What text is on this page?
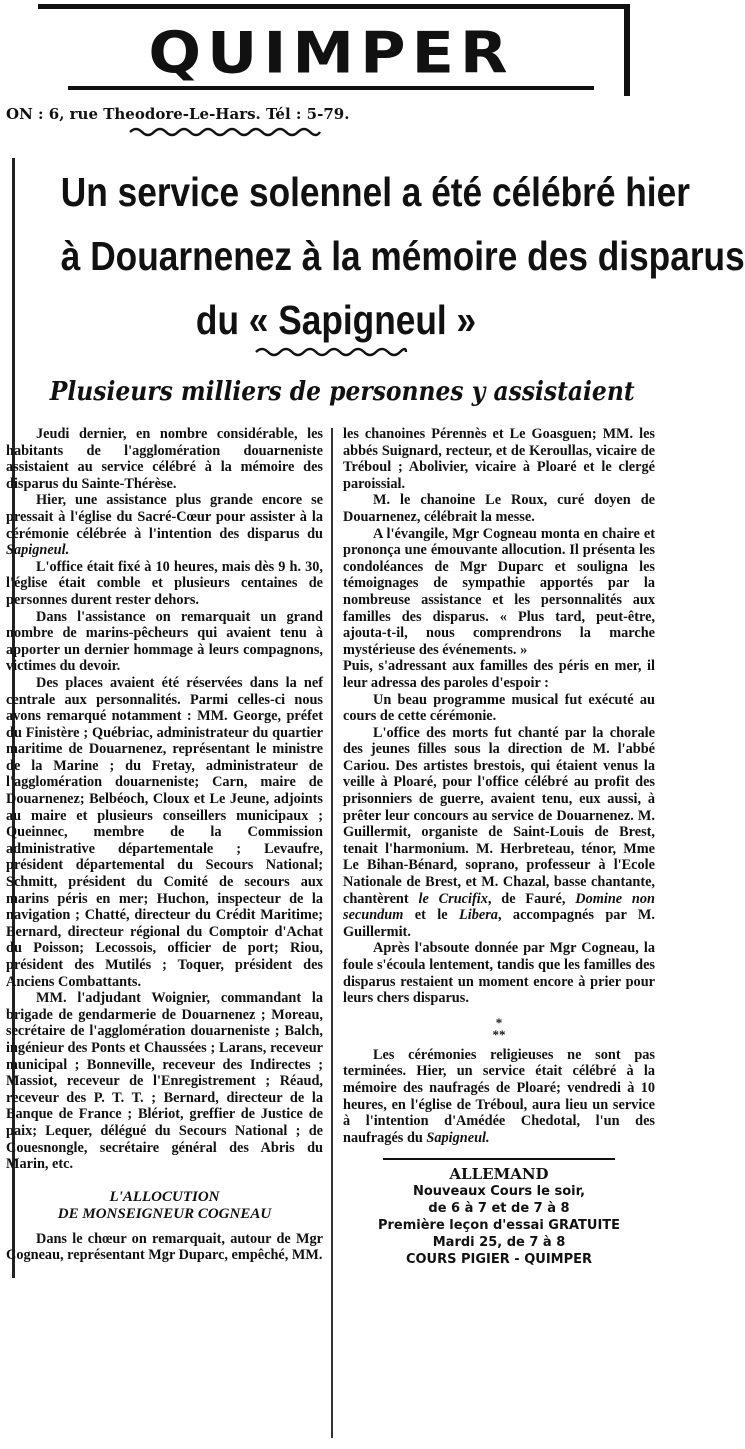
QUIMPER
ON : 6, rue Theodore-Le-Hars. Tél : 5-79.
Un service solennel a été célébré hier
à Douarnenez à la mémoire des disparus
du « Sapigneul »
Plusieurs milliers de personnes y assistaient

Jeudi dernier, en nombre considérable, les habitants de l'agglomération douarneniste assistaient au service célébré à la mémoire des disparus du Sainte-Thérèse.

Hier, une assistance plus grande encore se pressait à l'église du Sacré-Cœur pour assister à la cérémonie célébrée à l'intention des disparus du Sapigneul.

L'office était fixé à 10 heures, mais dès 9 h. 30, l'église était comble et plusieurs centaines de personnes durent rester dehors.

Dans l'assistance on remarquait un grand nombre de marins-pêcheurs qui avaient tenu à apporter un dernier hommage à leurs compagnons, victimes du devoir.

Des places avaient été réservées dans la nef centrale aux personnalités. Parmi celles-ci nous avons remarqué notamment : MM. George, préfet du Finistère ; Québriac, administrateur du quartier maritime de Douarnenez, représentant le ministre de la Marine ; du Fretay, administrateur de l'agglomération douarneniste; Carn, maire de Douarnenez; Belbéoch, Cloux et Le Jeune, adjoints au maire et plusieurs conseillers municipaux ; Queinnec, membre de la Commission administrative départementale ; Levaufre, président départemental du Secours National; Schmitt, président du Comité de secours aux marins péris en mer; Huchon, inspecteur de la navigation ; Chatté, directeur du Crédit Maritime; Bernard, directeur régional du Comptoir d'Achat du Poisson; Lecossois, officier de port; Riou, président des Mutilés ; Toquer, président des Anciens Combattants.

MM. l'adjudant Woignier, commandant la brigade de gendarmerie de Douarnenez ; Moreau, secrétaire de l'agglomération douarneniste ; Balch, ingénieur des Ponts et Chaussées ; Larans, receveur municipal ; Bonneville, receveur des Indirectes ; Massiot, receveur de l'Enregistrement ; Réaud, receveur des P. T. T. ; Bernard, directeur de la Banque de France ; Blériot, greffier de Justice de paix; Lequer, délégué du Secours National ; de Couesnongle, secrétaire général des Abris du Marin, etc.

L'ALLOCUTION
DE MONSEIGNEUR COGNEAU

Dans le chœur on remarquait, autour de Mgr Cogneau, représentant Mgr Duparc, empêché, MM.

les chanoines Pérennès et Le Goasguen; MM. les abbés Suignard, recteur, et de Keroullas, vicaire de Tréboul ; Abolivier, vicaire à Ploaré et le clergé paroissial.

M. le chanoine Le Roux, curé doyen de Douarnenez, célébrait la messe.

A l'évangile, Mgr Cogneau monta en chaire et prononça une émouvante allocution. Il présenta les condoléances de Mgr Duparc et souligna les témoignages de sympathie apportés par la nombreuse assistance et les personnalités aux familles des disparus. « Plus tard, peut-être, ajouta-t-il, nous comprendrons la marche mystérieuse des événements. »

Puis, s'adressant aux familles des péris en mer, il leur adressa des paroles d'espoir :

Un beau programme musical fut exécuté au cours de cette cérémonie.

L'office des morts fut chanté par la chorale des jeunes filles sous la direction de M. l'abbé Cariou. Des artistes brestois, qui étaient venus la veille à Ploaré, pour l'office célébré au profit des prisonniers de guerre, avaient tenu, eux aussi, à prêter leur concours au service de Douarnenez. M. Guillermit, organiste de Saint-Louis de Brest, tenait l'harmonium. M. Herbreteau, ténor, Mme Le Bihan-Bénard, soprano, professeur à l'Ecole Nationale de Brest, et M. Chazal, basse chantante, chantèrent le Crucifix, de Fauré, Domine non secundum et le Libera, accompagnés par M. Guillermit.

Après l'absoute donnée par Mgr Cogneau, la foule s'écoula lentement, tandis que les familles des disparus restaient un moment encore à prier pour leurs chers disparus.

*
**

Les cérémonies religieuses ne sont pas terminées. Hier, un service était célébré à la mémoire des naufragés de Ploaré; vendredi à 10 heures, en l'église de Tréboul, aura lieu un service à l'intention d'Amédée Chedotal, l'un des naufragés du Sapigneul.

ALLEMAND
Nouveaux Cours le soir,
de 6 à 7 et de 7 à 8
Première leçon d'essai GRATUITE
Mardi 25, de 7 à 8
COURS PIGIER - QUIMPER
